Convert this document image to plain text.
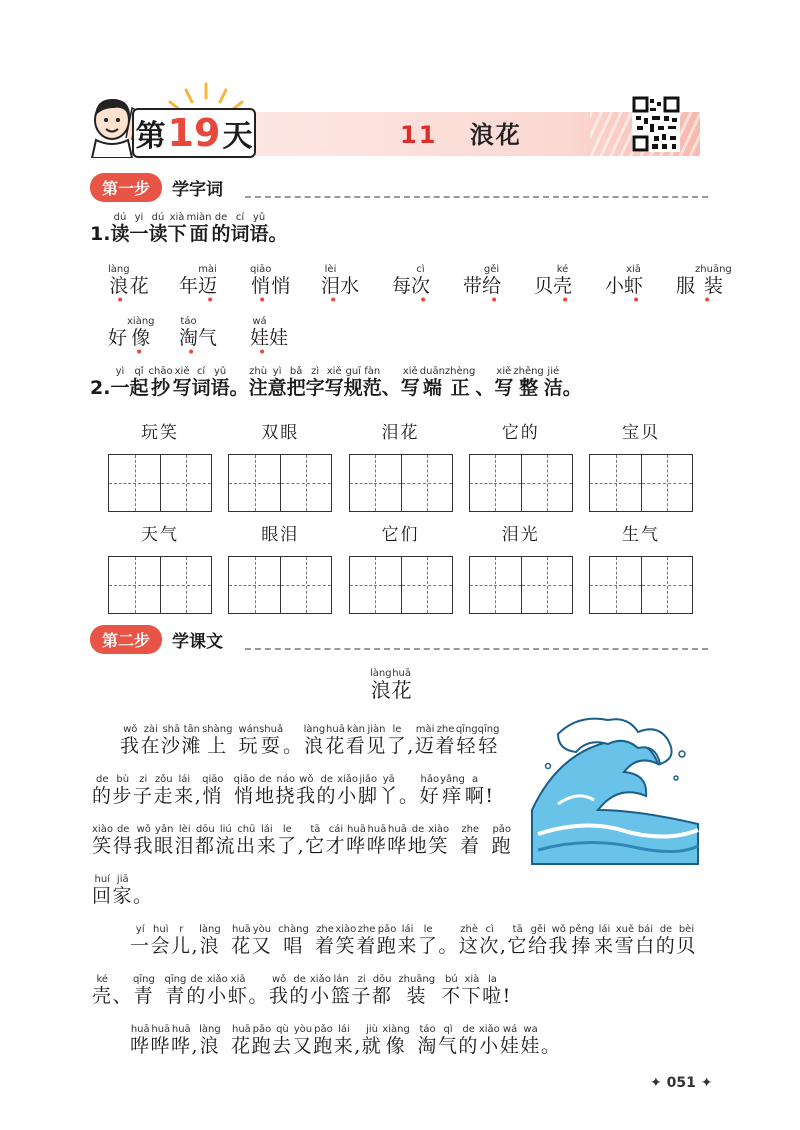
第 19 天	11 浪花
第一步	学字词
1.读dú一yi读dú下xià面miàn的de词cí语yǔ。
浪làng花
•
年 迈mài
•
悄qiāo悄
•
泪lèi水
•
每 次cì
•
带 给gěi
•
贝 壳ké
•
小 虾xiā
•
服 装zhuāng
•
好 像xiàng
•
淘táo气
•
娃wá娃
•
2.一yì起qǐ抄chāo写xiě词cí语yǔ。注zhù意yì把bǎ字zì写xiě规guī范fàn、写xiě端duān正zhèng、写xiě整zhěng洁jié。
玩笑	双眼	泪花	它的	宝贝
天气	眼泪	它们	泪光	生气
第二步	学课文
浪làng花huā
我wǒ在zài沙shā滩tān上shàng 玩wán耍shuǎ。 浪làng花huā看kàn见jiàn了le, 迈mài着zhe轻qīng轻qīng
的de步bù子zi走zǒu来lái, 悄qiāo 悄qiāo地de挠náo我wǒ的de小xiǎo脚jiǎo丫yā。 好hǎo痒yǎng啊a!
笑xiào得de我wǒ眼yǎn泪lèi都dōu流liú出chū来lái了le, 它tā才cái哗huā哗huā哗huā地de笑xiào 着zhe 跑pǎo
回huí家jiā。
一yí会huì儿r, 浪làng 花huā又yòu 唱chàng 着zhe笑xiào着zhe跑pǎo来lái了le。 这zhè次cì, 它tā给gěi我wǒ捧pěng来lái雪xuě白bái的de贝bèi
壳ké、 青qīng 青qīng的de小xiǎo虾xiā。 我wǒ的de小xiǎo篮lán子zi都dōu 装zhuāng 不bú下xià啦la!
哗huā哗huā哗huā, 浪làng 花huā跑pǎo去qù又yòu跑pǎo来lái, 就jiù像xiàng 淘táo气qì的de小xiǎo娃wá娃wa。
✦ 051 ✦
